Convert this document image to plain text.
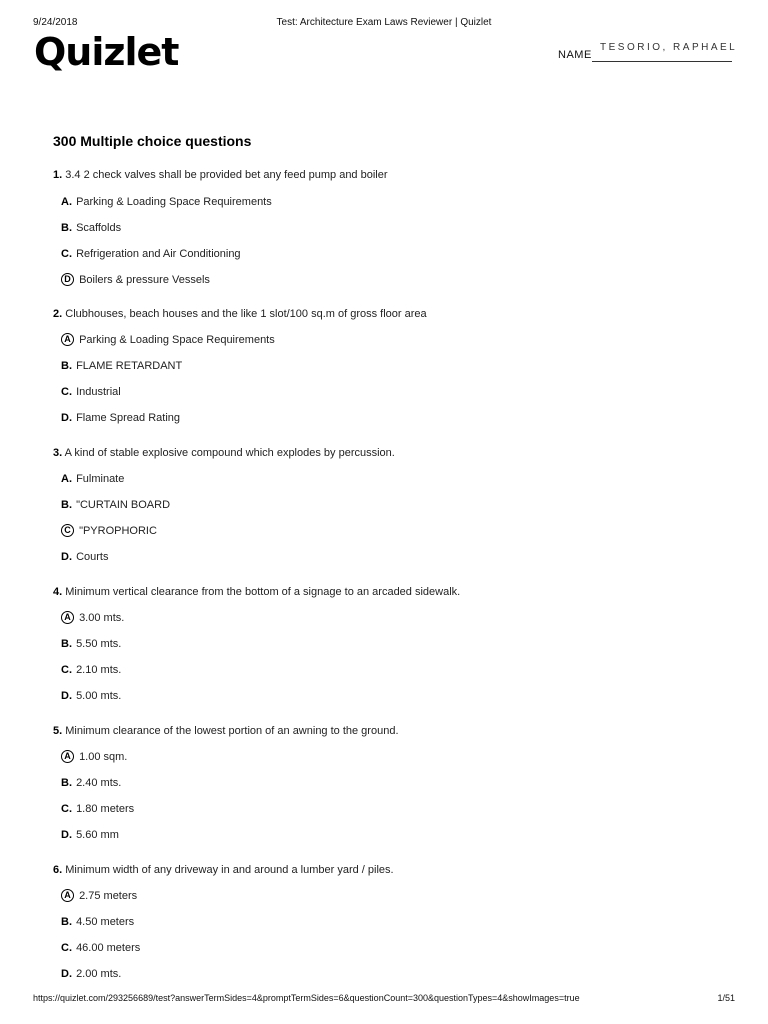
9/24/2018	Test: Architecture Exam Laws Reviewer | Quizlet
Quizlet	NAME
TESORIO, RAPHAEL
300 Multiple choice questions
1. 3.4 2 check valves shall be provided bet any feed pump and boiler
A. Parking & Loading Space Requirements
B. Scaffolds
C. Refrigeration and Air Conditioning
D Boilers & pressure Vessels
2. Clubhouses, beach houses and the like 1 slot/100 sq.m of gross floor area
A Parking & Loading Space Requirements
B. FLAME RETARDANT
C. Industrial
D. Flame Spread Rating
3. A kind of stable explosive compound which explodes by percussion.
A. Fulminate
B. "CURTAIN BOARD
C "PYROPHORIC
D. Courts
4. Minimum vertical clearance from the bottom of a signage to an arcaded sidewalk.
A 3.00 mts.
B. 5.50 mts.
C. 2.10 mts.
D. 5.00 mts.
5. Minimum clearance of the lowest portion of an awning to the ground.
A 1.00 sqm.
B. 2.40 mts.
C. 1.80 meters
D. 5.60 mm
6. Minimum width of any driveway in and around a lumber yard / piles.
A 2.75 meters
B. 4.50 meters
C. 46.00 meters
D. 2.00 mts.
https://quizlet.com/293256689/test?answerTermSides=4&promptTermSides=6&questionCount=300&questionTypes=4&showImages=true	1/51
